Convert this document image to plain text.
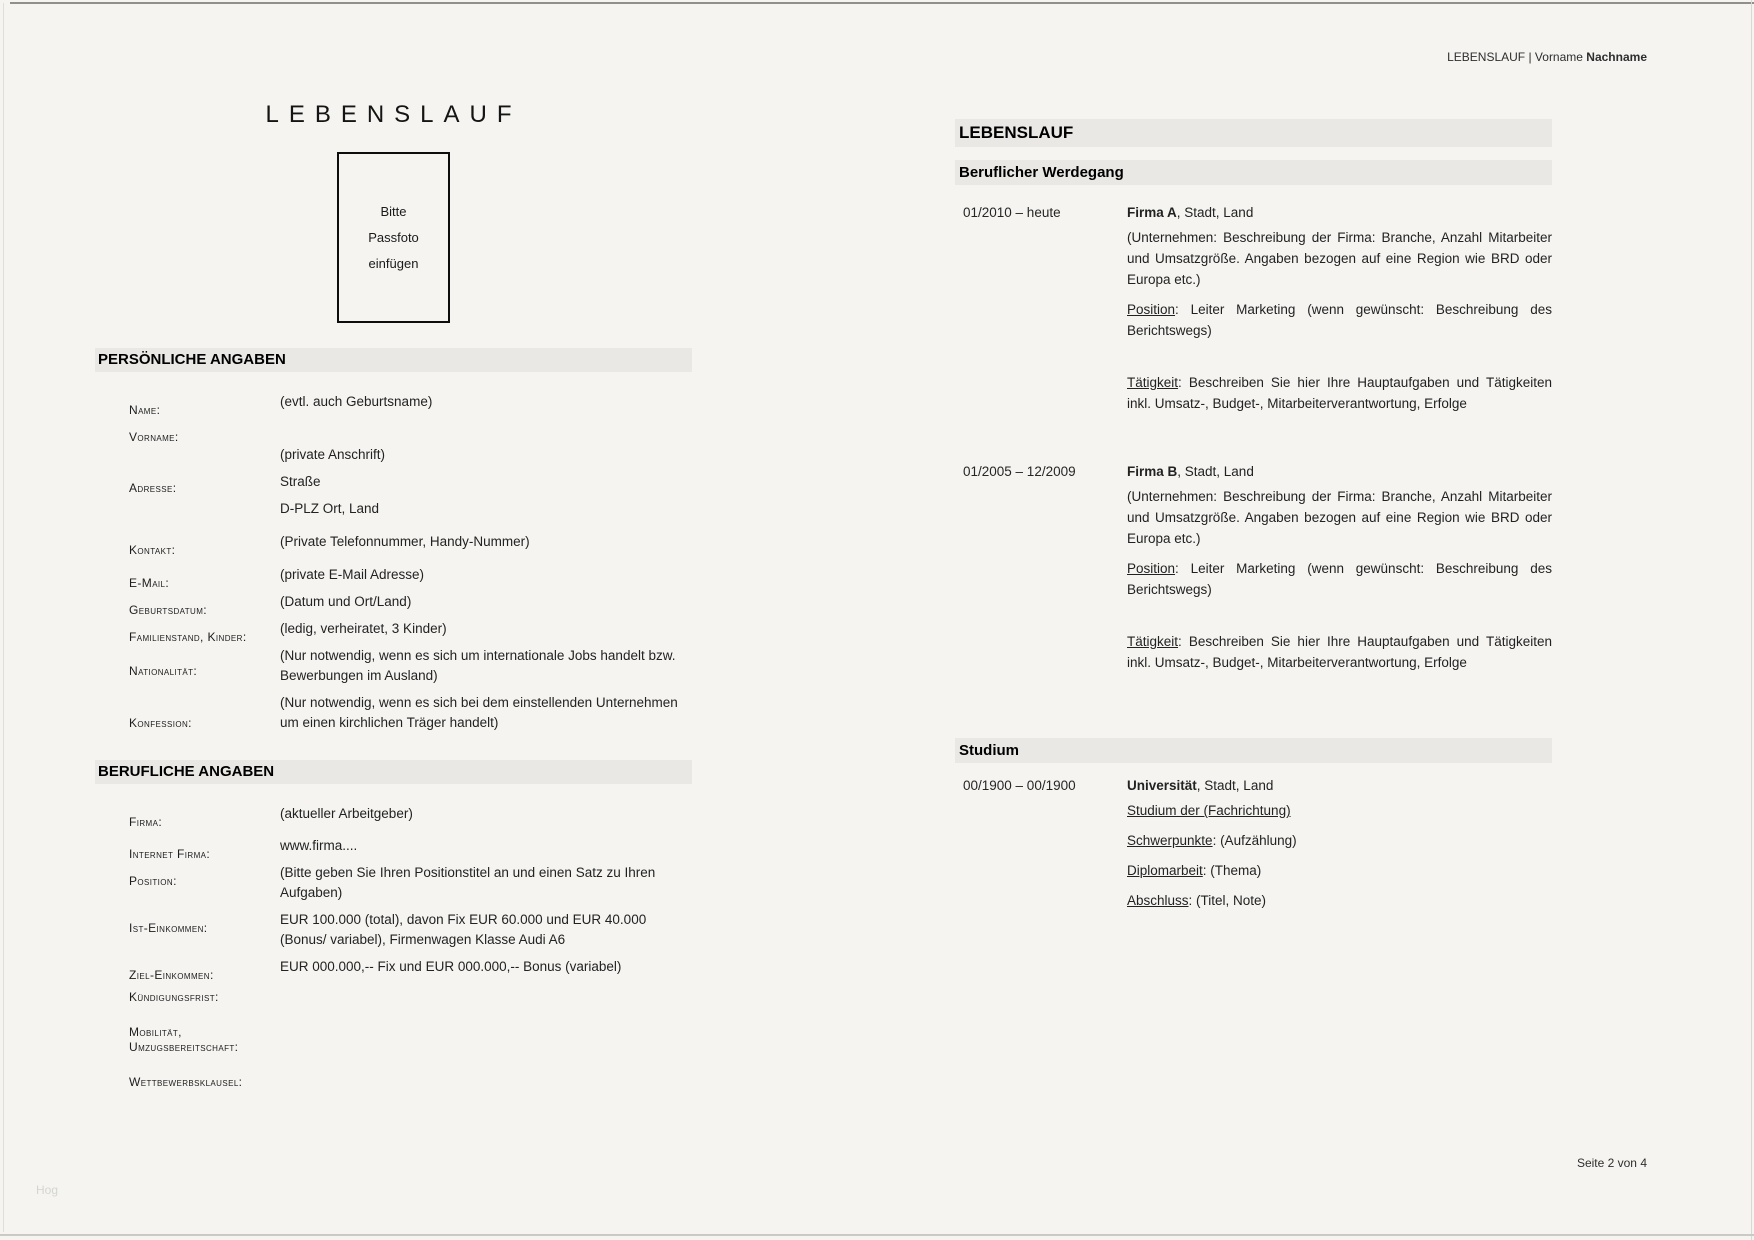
LEBENSLAUF | Vorname Nachname
LEBENSLAUF
Bitte
Passfoto
einfügen
PERSÖNLICHE ANGABEN
Name:

(evtl. auch Geburtsname)

Vorname:
Adresse:

(private Anschrift)

Straße

D-PLZ Ort, Land

Kontakt:

(Private Telefonnummer, Handy-Nummer)

E-Mail:

(private E-Mail Adresse)

Geburtsdatum:

(Datum und Ort/Land)

Familienstand, Kinder:

(ledig, verheiratet, 3 Kinder)

Nationalität:

(Nur notwendig, wenn es sich um internationale Jobs handelt bzw. Bewerbungen im Ausland)

Konfession:

(Nur notwendig, wenn es sich bei dem einstellenden Unternehmen um einen kirchlichen Träger handelt)

BERUFLICHE ANGABEN
Firma:

(aktueller Arbeitgeber)

Internet Firma:

www.firma....

Position:

(Bitte geben Sie Ihren Positionstitel an und einen Satz zu Ihren Aufgaben)

Ist-Einkommen:

EUR 100.000 (total), davon Fix EUR 60.000 und EUR 40.000 (Bonus/ variabel), Firmenwagen Klasse Audi A6

Ziel-Einkommen:

EUR 000.000,-- Fix und EUR 000.000,-- Bonus (variabel)

Kündigungsfrist:
Mobilität, Umzugsbereitschaft:
Wettbewerbsklausel:
LEBENSLAUF
Beruflicher Werdegang
01/2010 – heute	Firma A, Stadt, Land

(Unternehmen: Beschreibung der Firma: Branche, Anzahl Mitarbeiter und Umsatzgröße. Angaben bezogen auf eine Region wie BRD oder Europa etc.)

Position: Leiter Marketing (wenn gewünscht: Beschreibung des Berichtswegs)

Tätigkeit: Beschreiben Sie hier Ihre Hauptaufgaben und Tätigkeiten inkl. Umsatz-, Budget-, Mitarbeiterverantwortung, Erfolge

01/2005 – 12/2009	Firma B, Stadt, Land

(Unternehmen: Beschreibung der Firma: Branche, Anzahl Mitarbeiter und Umsatzgröße. Angaben bezogen auf eine Region wie BRD oder Europa etc.)

Position: Leiter Marketing (wenn gewünscht: Beschreibung des Berichtswegs)

Tätigkeit: Beschreiben Sie hier Ihre Hauptaufgaben und Tätigkeiten inkl. Umsatz-, Budget-, Mitarbeiterverantwortung, Erfolge

Studium
00/1900 – 00/1900	Universität, Stadt, Land

Studium der (Fachrichtung)

Schwerpunkte: (Aufzählung)

Diplomarbeit: (Thema)

Abschluss: (Titel, Note)

Seite 2 von 4
Hog
